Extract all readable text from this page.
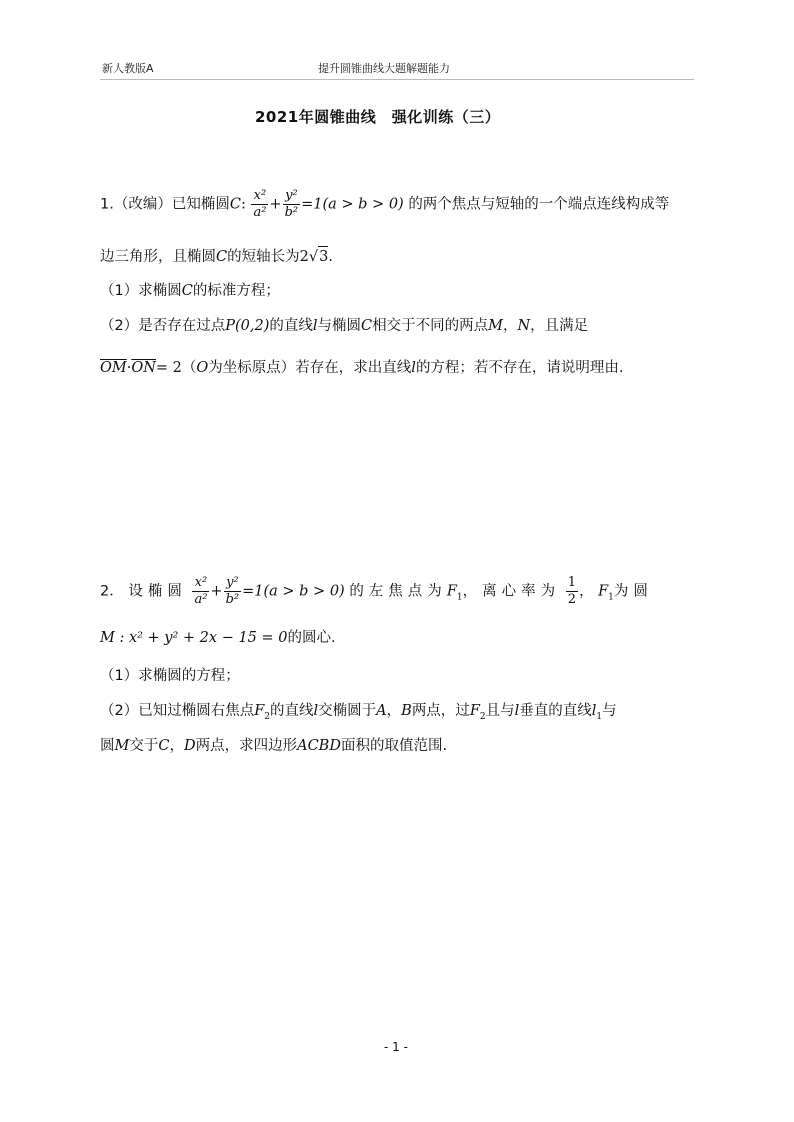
新人教版A	提升圆锥曲线大题解题能力
2021年圆锥曲线　强化训练（三）
1.（改编）已知椭圆C: $\frac{\text{x²}}{\text{a²}} + \frac{\text{y²}}{\text{b²}} =1(a > b > 0)$ 的两个焦点与短轴的一个端点连线构成等
边三角形，且椭圆C的短轴长为2√3.
（1）求椭圆C的标准方程；
（2）是否存在过点P(0,2)的直线l与椭圆C相交于不同的两点M，N，且满足
$\overline{OM}\cdot\overline{ON}= 2(O$为坐标原点）若存在，求出直线l的方程；若不存在，请说明理由.
2． 设椭圆 $\frac{\text{x²}}{\text{a²}} + \frac{\text{y²}}{\text{b²}} =1(a > b > 0)$ 的左焦点为$F_1$，离心率为 $\frac{1}{2}$ ， $F_1$为圆
M : x² + y² + 2x − 15 = 0的圆心.
（1）求椭圆的方程；
（2）已知过椭圆右焦点$F_2$的直线l交椭圆于A，B两点，过$F_2$且与l垂直的直线$l_1$与
圆M交于C，D两点，求四边形ACBD面积的取值范围.
- 1 -
